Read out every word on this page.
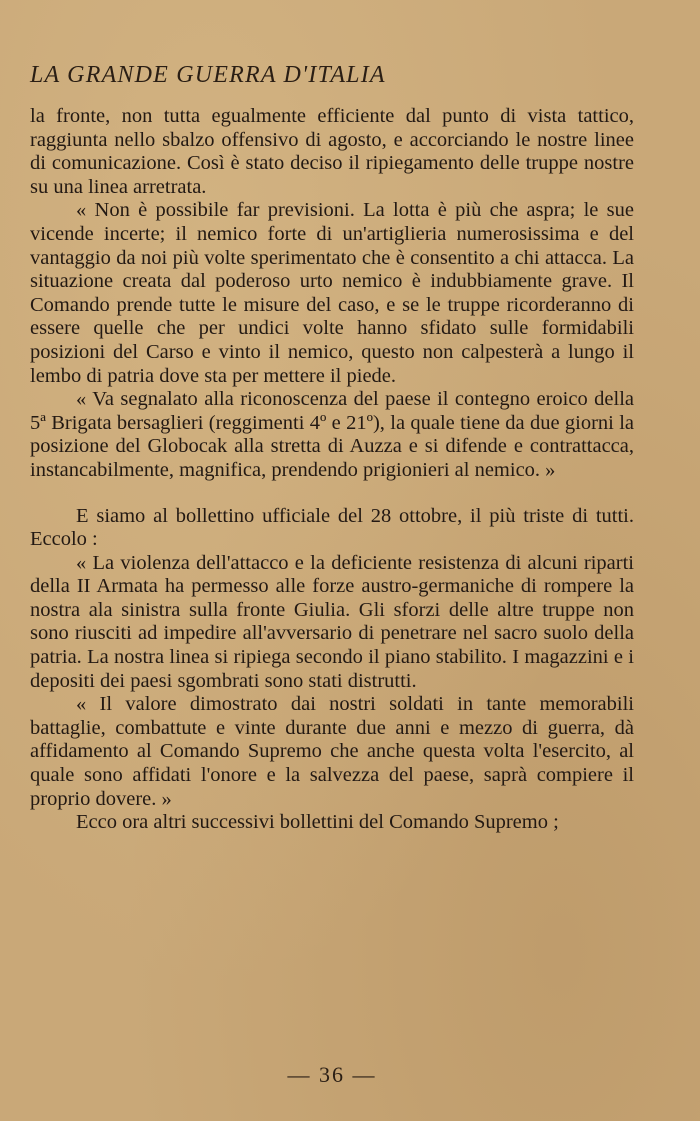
LA GRANDE GUERRA D'ITALIA

la fronte, non tutta egualmente efficiente dal punto di vista tattico, raggiunta nello sbalzo offensivo di agosto, e accorciando le nostre linee di comunicazione. Così è stato deciso il ripiegamento delle truppe nostre su una linea arretrata.

« Non è possibile far previsioni. La lotta è più che aspra; le sue vicende incerte; il nemico forte di un'artiglieria numerosissima e del vantaggio da noi più volte sperimentato che è consentito a chi attacca. La situazione creata dal poderoso urto nemico è indubbiamente grave. Il Comando prende tutte le misure del caso, e se le truppe ricorderanno di essere quelle che per undici volte hanno sfidato sulle formidabili posizioni del Carso e vinto il nemico, questo non calpesterà a lungo il lembo di patria dove sta per mettere il piede.

« Va segnalato alla riconoscenza del paese il contegno eroico della 5ª Brigata bersaglieri (reggimenti 4º e 21º), la quale tiene da due giorni la posizione del Globocak alla stretta di Auzza e si difende e contrattacca, instancabilmente, magnifica, prendendo prigionieri al nemico. »

E siamo al bollettino ufficiale del 28 ottobre, il più triste di tutti. Eccolo :

« La violenza dell'attacco e la deficiente resistenza di alcuni riparti della II Armata ha permesso alle forze austro-germaniche di rompere la nostra ala sinistra sulla fronte Giulia. Gli sforzi delle altre truppe non sono riusciti ad impedire all'avversario di penetrare nel sacro suolo della patria. La nostra linea si ripiega secondo il piano stabilito. I magazzini e i depositi dei paesi sgombrati sono stati distrutti.

« Il valore dimostrato dai nostri soldati in tante memorabili battaglie, combattute e vinte durante due anni e mezzo di guerra, dà affidamento al Comando Supremo che anche questa volta l'esercito, al quale sono affidati l'onore e la salvezza del paese, saprà compiere il proprio dovere. »

Ecco ora altri successivi bollettini del Comando Supremo ;

— 36 —
